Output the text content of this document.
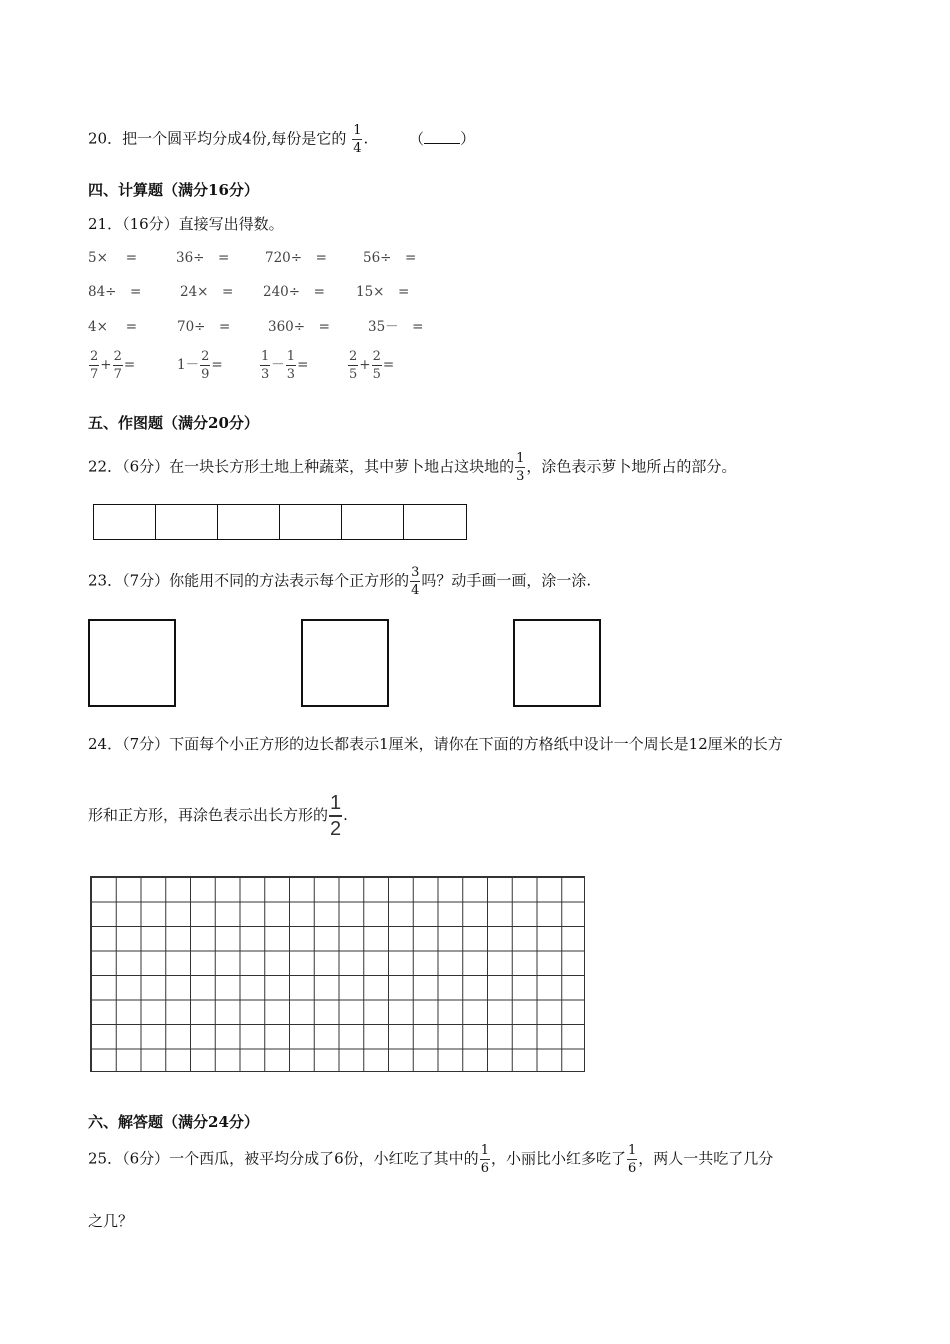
20．把一个圆平均分成4份,每份是它的 $\frac{1}{4}$ .	（ ）
四、计算题（满分16分）
21．（16分）直接写出得数。
5×　 =	36÷　=	720÷　=	56÷　=
84÷　=	24×　= 240÷　= 15×　=
4×　 =	70÷　=	360÷　=	35－　=
$\frac{2}{7} + \frac{2}{7}$ =	$1- \frac{2}{9}$ =	$\frac{1}{3} - \frac{1}{3}$ =	$\frac{2}{5} + \frac{2}{5}$ =
五、作图题（满分20分）
22．（6分）在一块长方形土地上种蔬菜，其中萝卜地占这块地的 $\frac{1}{3}$ ，涂色表示萝卜地所占的部分。
23．（7分）你能用不同的方法表示每个正方形的 $\frac{3}{4}$ 吗？动手画一画，涂一涂.
24．（7分）下面每个小正方形的边长都表示1厘米，请你在下面的方格纸中设计一个周长是12厘米的长方
形和正方形，再涂色表示出长方形的 $\frac{1}{2}$ .
六、解答题（满分24分）
25．（6分）一个西瓜，被平均分成了6份，小红吃了其中的 $\frac{1}{6}$ ，小丽比小红多吃了 $\frac{1}{6}$ ，两人一共吃了几分
之几？
